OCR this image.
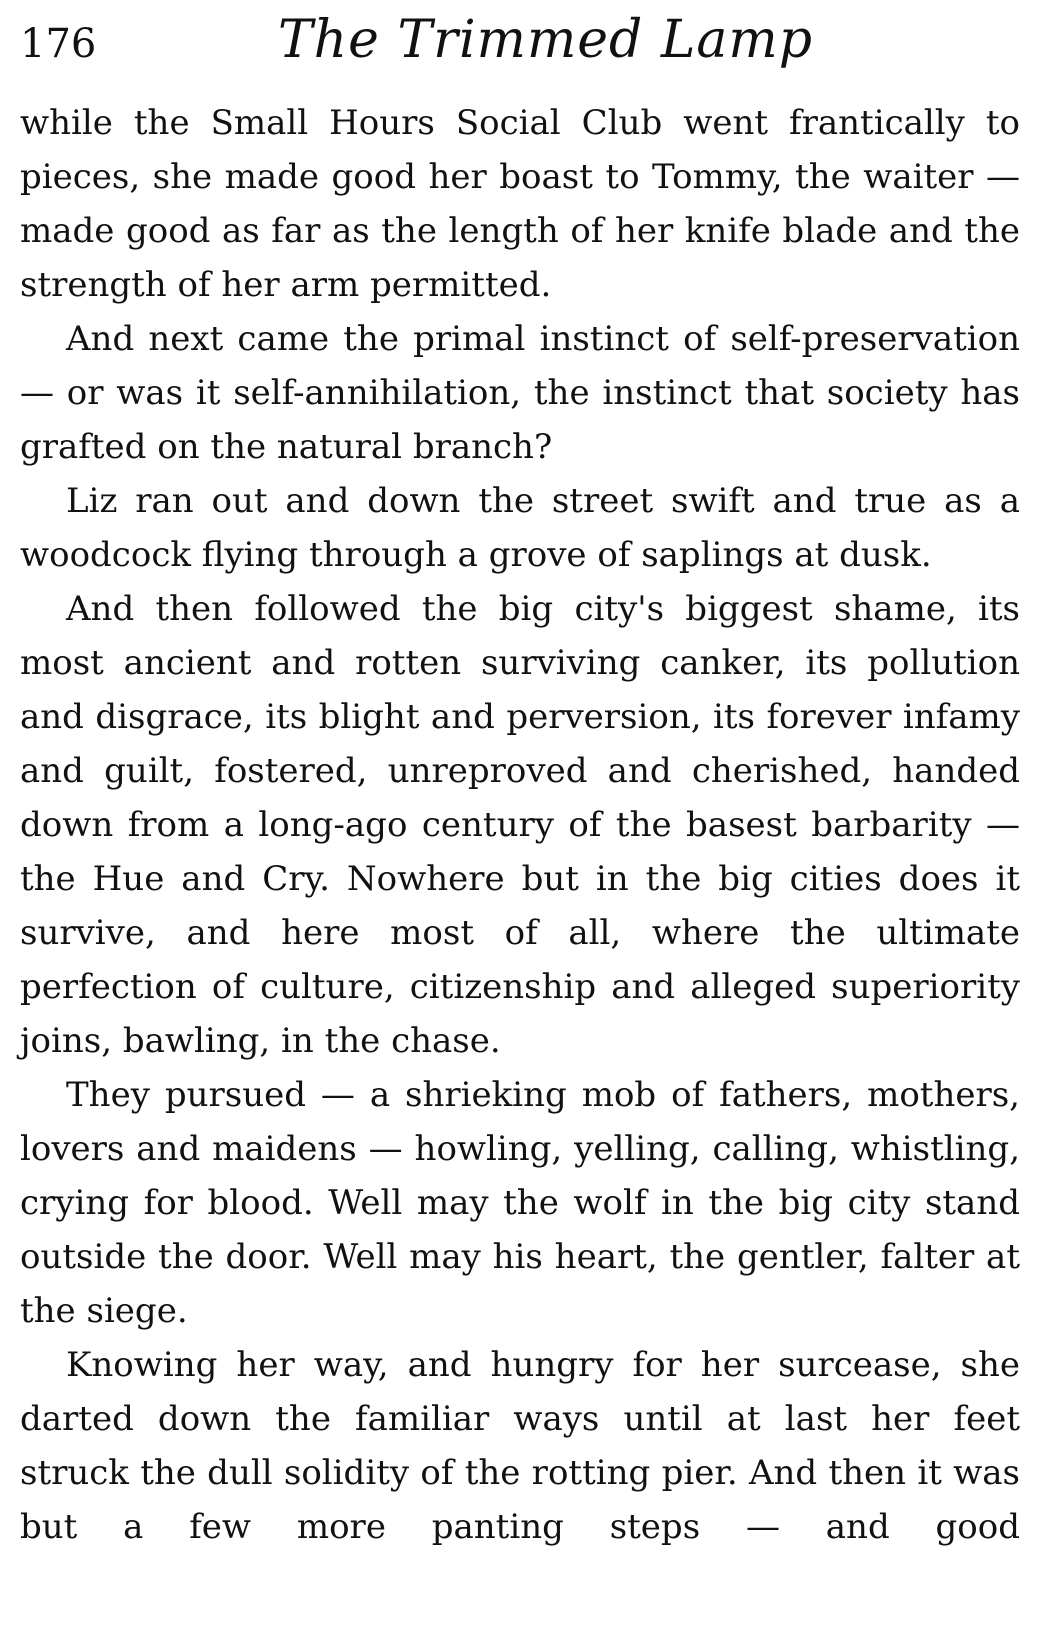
176	The Trimmed Lamp

while the Small Hours Social Club went frantically to pieces, she made good her boast to Tommy, the waiter — made good as far as the length of her knife blade and the strength of her arm permitted.

And next came the primal instinct of self-preservation — or was it self-annihilation, the instinct that society has grafted on the natural branch?

Liz ran out and down the street swift and true as a woodcock flying through a grove of saplings at dusk.

And then followed the big city's biggest shame, its most ancient and rotten surviving canker, its pollution and disgrace, its blight and perversion, its forever infamy and guilt, fostered, unreproved and cherished, handed down from a long-ago century of the basest barbarity — the Hue and Cry. Nowhere but in the big cities does it survive, and here most of all, where the ultimate perfection of culture, citizenship and alleged superiority joins, bawling, in the chase.

They pursued — a shrieking mob of fathers, mothers, lovers and maidens — howling, yelling, calling, whistling, crying for blood. Well may the wolf in the big city stand outside the door. Well may his heart, the gentler, falter at the siege.

Knowing her way, and hungry for her surcease, she darted down the familiar ways until at last her feet struck the dull solidity of the rotting pier. And then it was but a few more panting steps — and good
